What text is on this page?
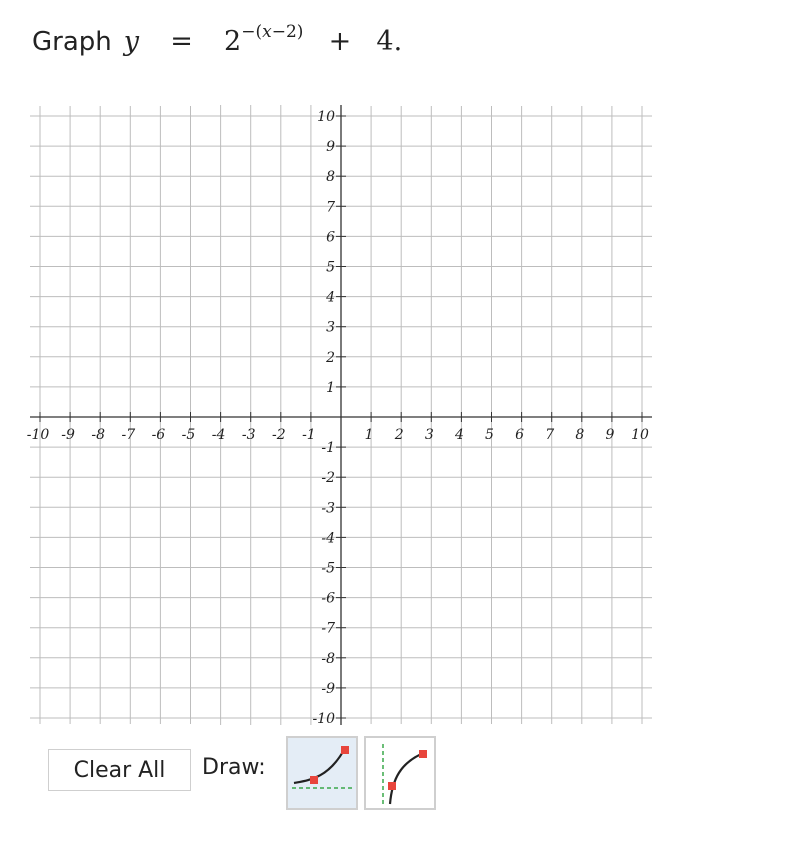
Graph $y = 2^{-(x-2)} + 4$.
-10 -9 -8 -7 -6 -5 -4 -3 -2 -1	1 2 3 4 5 6 7 8 9 10
10
9
8
7
6
5
4
3
2
1
-1
-2
-3
-4
-5
-6
-7
-8
-9
-10
Clear All	Draw:
